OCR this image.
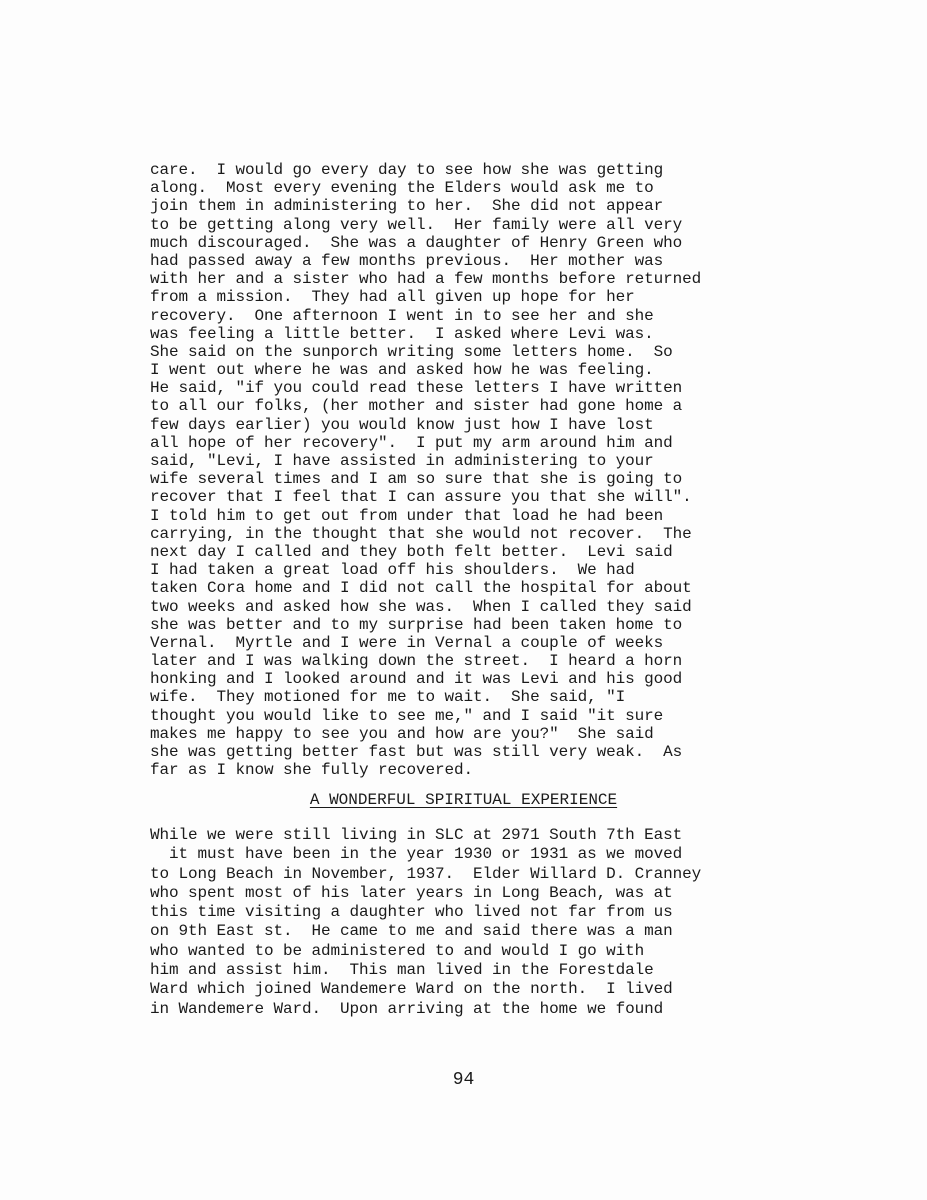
care.  I would go every day to see how she was getting
along.  Most every evening the Elders would ask me to
join them in administering to her.  She did not appear
to be getting along very well.  Her family were all very
much discouraged.  She was a daughter of Henry Green who
had passed away a few months previous.  Her mother was
with her and a sister who had a few months before returned
from a mission.  They had all given up hope for her
recovery.  One afternoon I went in to see her and she
was feeling a little better.  I asked where Levi was.
She said on the sunporch writing some letters home.  So
I went out where he was and asked how he was feeling.
He said, "if you could read these letters I have written
to all our folks, (her mother and sister had gone home a
few days earlier) you would know just how I have lost
all hope of her recovery".  I put my arm around him and
said, "Levi, I have assisted in administering to your
wife several times and I am so sure that she is going to
recover that I feel that I can assure you that she will".
I told him to get out from under that load he had been
carrying, in the thought that she would not recover.  The
next day I called and they both felt better.  Levi said
I had taken a great load off his shoulders.  We had
taken Cora home and I did not call the hospital for about
two weeks and asked how she was.  When I called they said
she was better and to my surprise had been taken home to
Vernal.  Myrtle and I were in Vernal a couple of weeks
later and I was walking down the street.  I heard a horn
honking and I looked around and it was Levi and his good
wife.  They motioned for me to wait.  She said, "I
thought you would like to see me," and I said "it sure
makes me happy to see you and how are you?"  She said
she was getting better fast but was still very weak.  As
far as I know she fully recovered.
A WONDERFUL SPIRITUAL EXPERIENCE
While we were still living in SLC at 2971 South 7th East
it must have been in the year 1930 or 1931 as we moved
to Long Beach in November, 1937.  Elder Willard D. Cranney
who spent most of his later years in Long Beach, was at
this time visiting a daughter who lived not far from us
on 9th East st.  He came to me and said there was a man
who wanted to be administered to and would I go with
him and assist him.  This man lived in the Forestdale
Ward which joined Wandemere Ward on the north.  I lived
in Wandemere Ward.  Upon arriving at the home we found
94
